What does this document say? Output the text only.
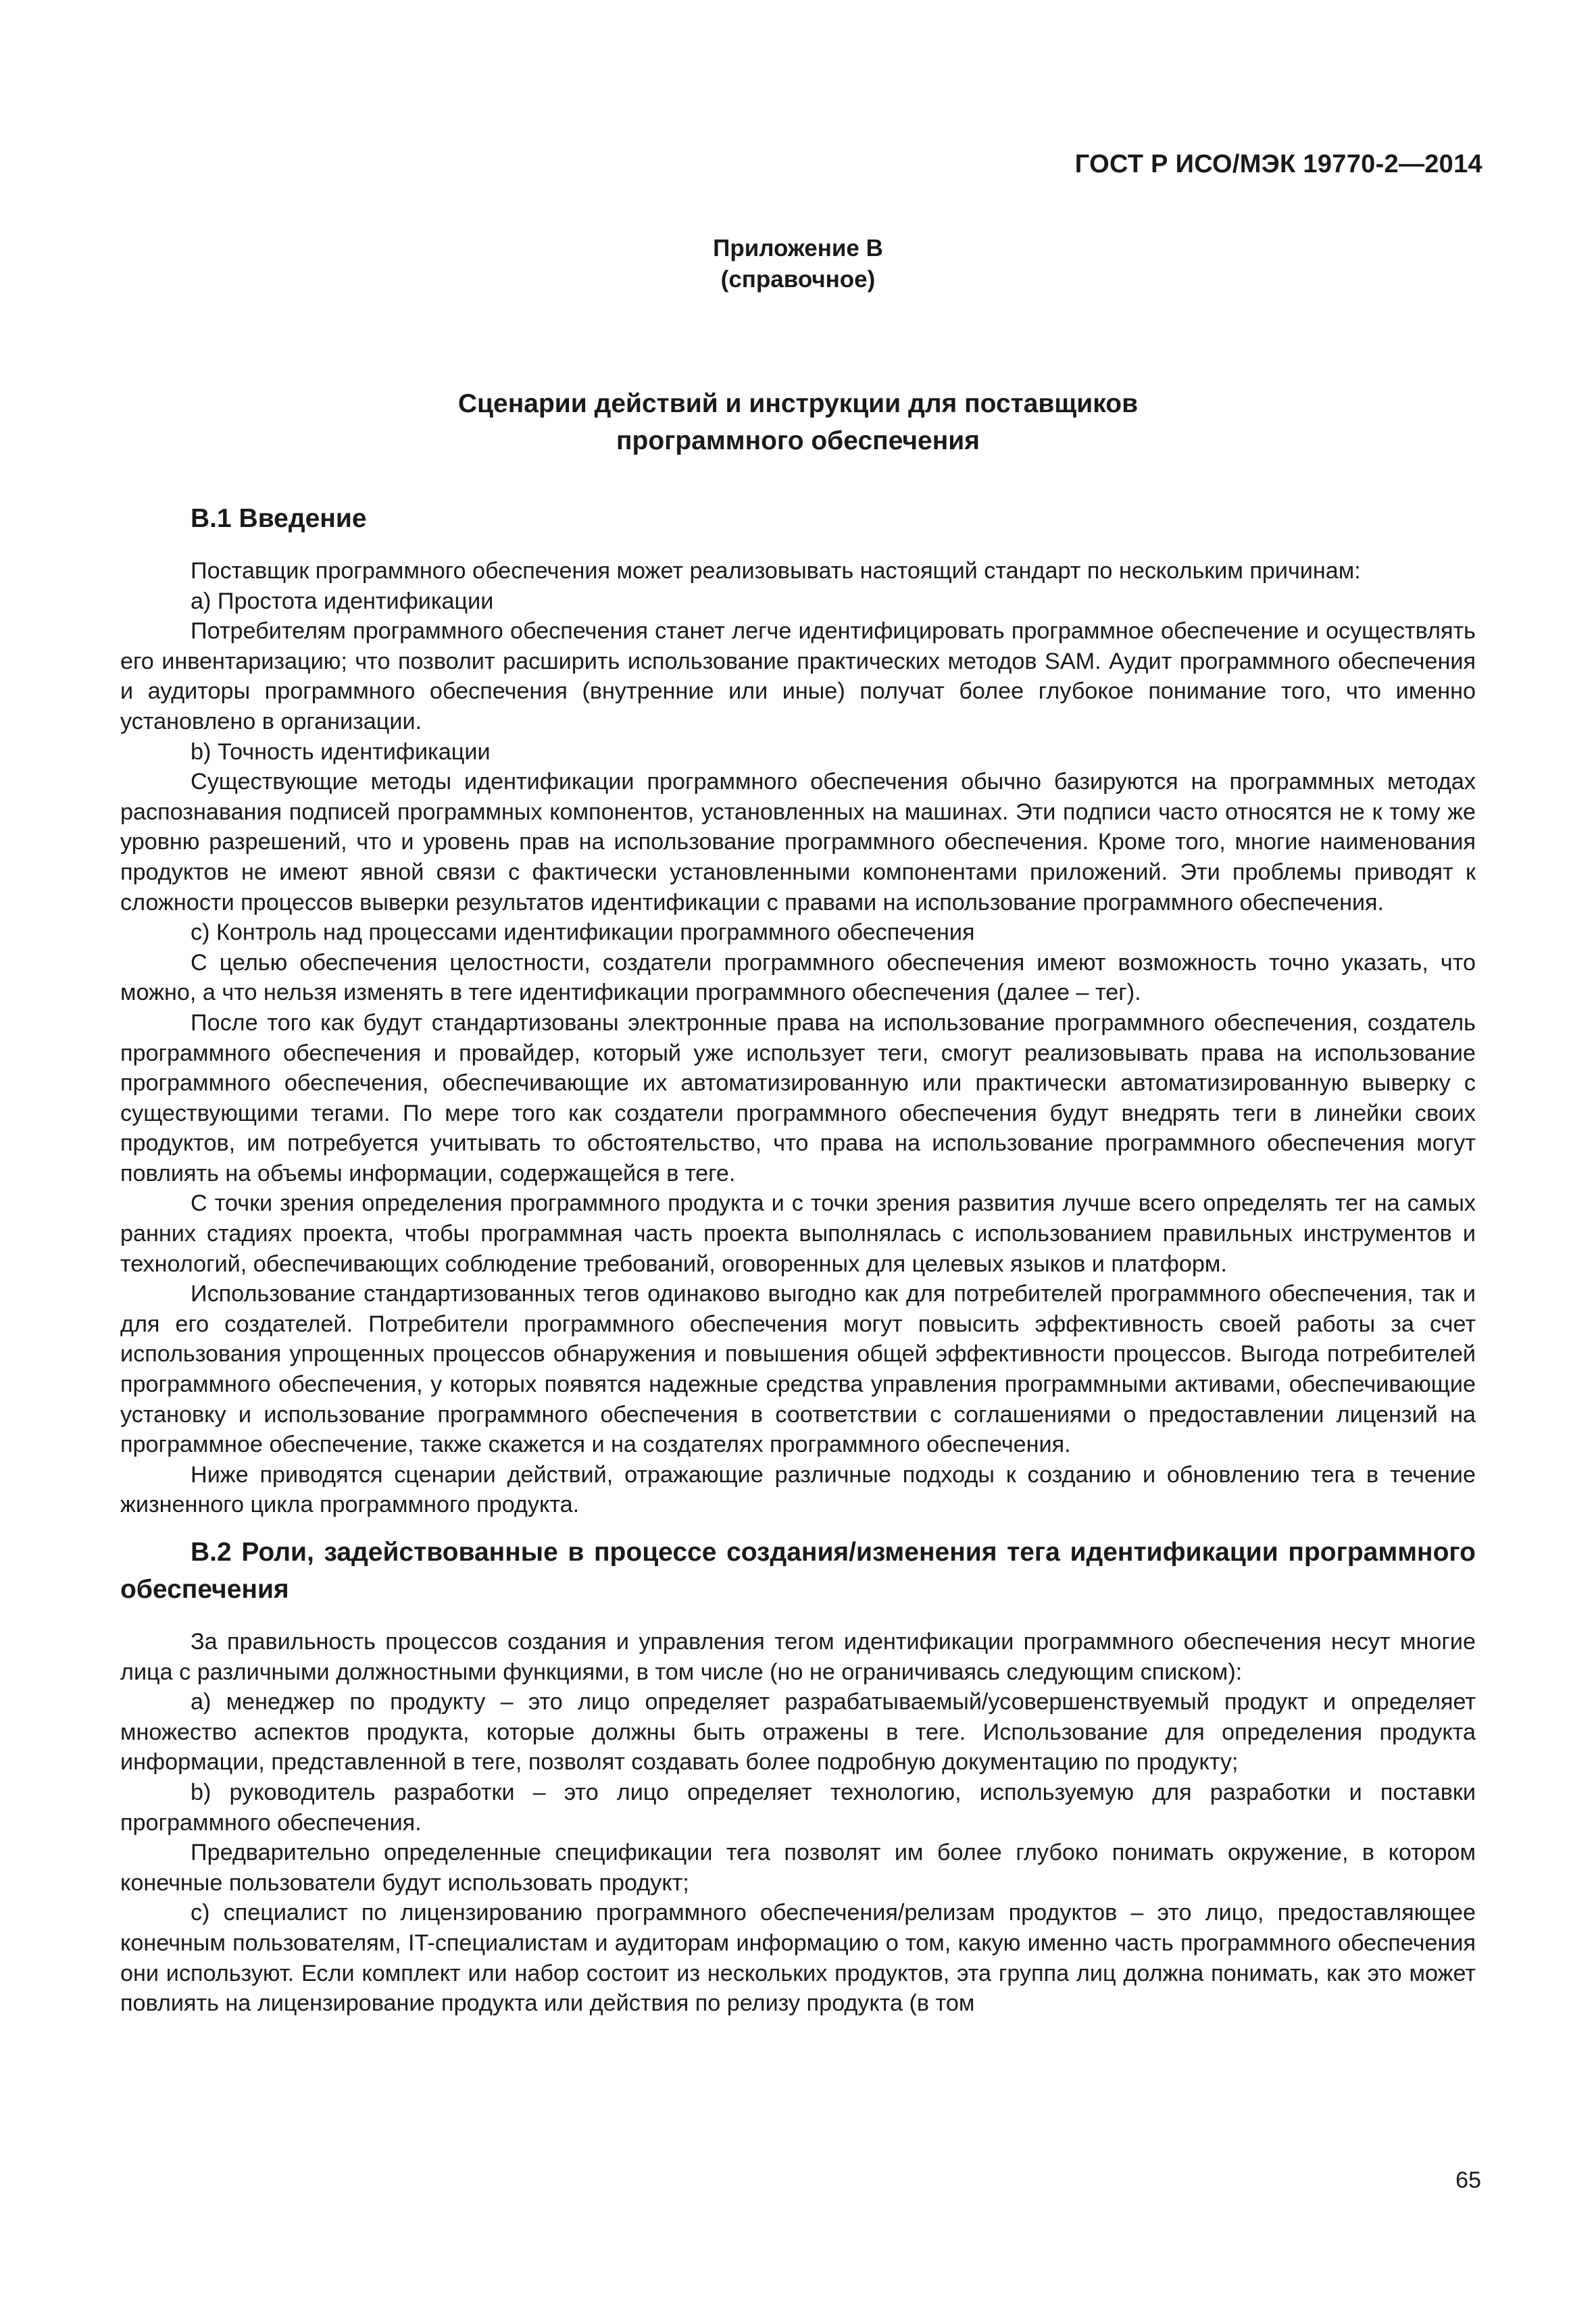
ГОСТ Р ИСО/МЭК 19770-2—2014
Приложение В
(справочное)
Сценарии действий и инструкции для поставщиков
программного обеспечения
В.1 Введение

Поставщик программного обеспечения может реализовывать настоящий стандарт по нескольким причинам:

а) Простота идентификации

Потребителям программного обеспечения станет легче идентифицировать программное обеспечение и осуществлять его инвентаризацию; что позволит расширить использование практических методов SAM. Аудит программного обеспечения и аудиторы программного обеспечения (внутренние или иные) получат более глубокое понимание того, что именно установлено в организации.

b) Точность идентификации

Существующие методы идентификации программного обеспечения обычно базируются на программных методах распознавания подписей программных компонентов, установленных на машинах. Эти подписи часто относятся не к тому же уровню разрешений, что и уровень прав на использование программного обеспечения. Кроме того, многие наименования продуктов не имеют явной связи с фактически установленными компонентами приложений. Эти проблемы приводят к сложности процессов выверки результатов идентификации с правами на использование программного обеспечения.

с) Контроль над процессами идентификации программного обеспечения

С целью обеспечения целостности, создатели программного обеспечения имеют возможность точно указать, что можно, а что нельзя изменять в теге идентификации программного обеспечения (далее – тег).

После того как будут стандартизованы электронные права на использование программного обеспечения, создатель программного обеспечения и провайдер, который уже использует теги, смогут реализовывать права на использование программного обеспечения, обеспечивающие их автоматизированную или практически автоматизированную выверку с существующими тегами. По мере того как создатели программного обеспечения будут внедрять теги в линейки своих продуктов, им потребуется учитывать то обстоятельство, что права на использование программного обеспечения могут повлиять на объемы информации, содержащейся в теге.

С точки зрения определения программного продукта и с точки зрения развития лучше всего определять тег на самых ранних стадиях проекта, чтобы программная часть проекта выполнялась с использованием правильных инструментов и технологий, обеспечивающих соблюдение требований, оговоренных для целевых языков и платформ.

Использование стандартизованных тегов одинаково выгодно как для потребителей программного обеспечения, так и для его создателей. Потребители программного обеспечения могут повысить эффективность своей работы за счет использования упрощенных процессов обнаружения и повышения общей эффективности процессов. Выгода потребителей программного обеспечения, у которых появятся надежные средства управления программными активами, обеспечивающие установку и использование программного обеспечения в соответствии с соглашениями о предоставлении лицензий на программное обеспечение, также скажется и на создателях программного обеспечения.

Ниже приводятся сценарии действий, отражающие различные подходы к созданию и обновлению тега в течение жизненного цикла программного продукта.

В.2 Роли, задействованные в процессе создания/изменения тега идентификации программного обеспечения

За правильность процессов создания и управления тегом идентификации программного обеспечения несут многие лица с различными должностными функциями, в том числе (но не ограничиваясь следующим списком):

а) менеджер по продукту – это лицо определяет разрабатываемый/усовершенствуемый продукт и определяет множество аспектов продукта, которые должны быть отражены в теге. Использование для определения продукта информации, представленной в теге, позволят создавать более подробную документацию по продукту;

b) руководитель разработки – это лицо определяет технологию, используемую для разработки и поставки программного обеспечения.

Предварительно определенные спецификации тега позволят им более глубоко понимать окружение, в котором конечные пользователи будут использовать продукт;

с) специалист по лицензированию программного обеспечения/релизам продуктов – это лицо, предоставляющее конечным пользователям, IT-специалистам и аудиторам информацию о том, какую именно часть программного обеспечения они используют. Если комплект или набор состоит из нескольких продуктов, эта группа лиц должна понимать, как это может повлиять на лицензирование продукта или действия по релизу продукта (в том

65
